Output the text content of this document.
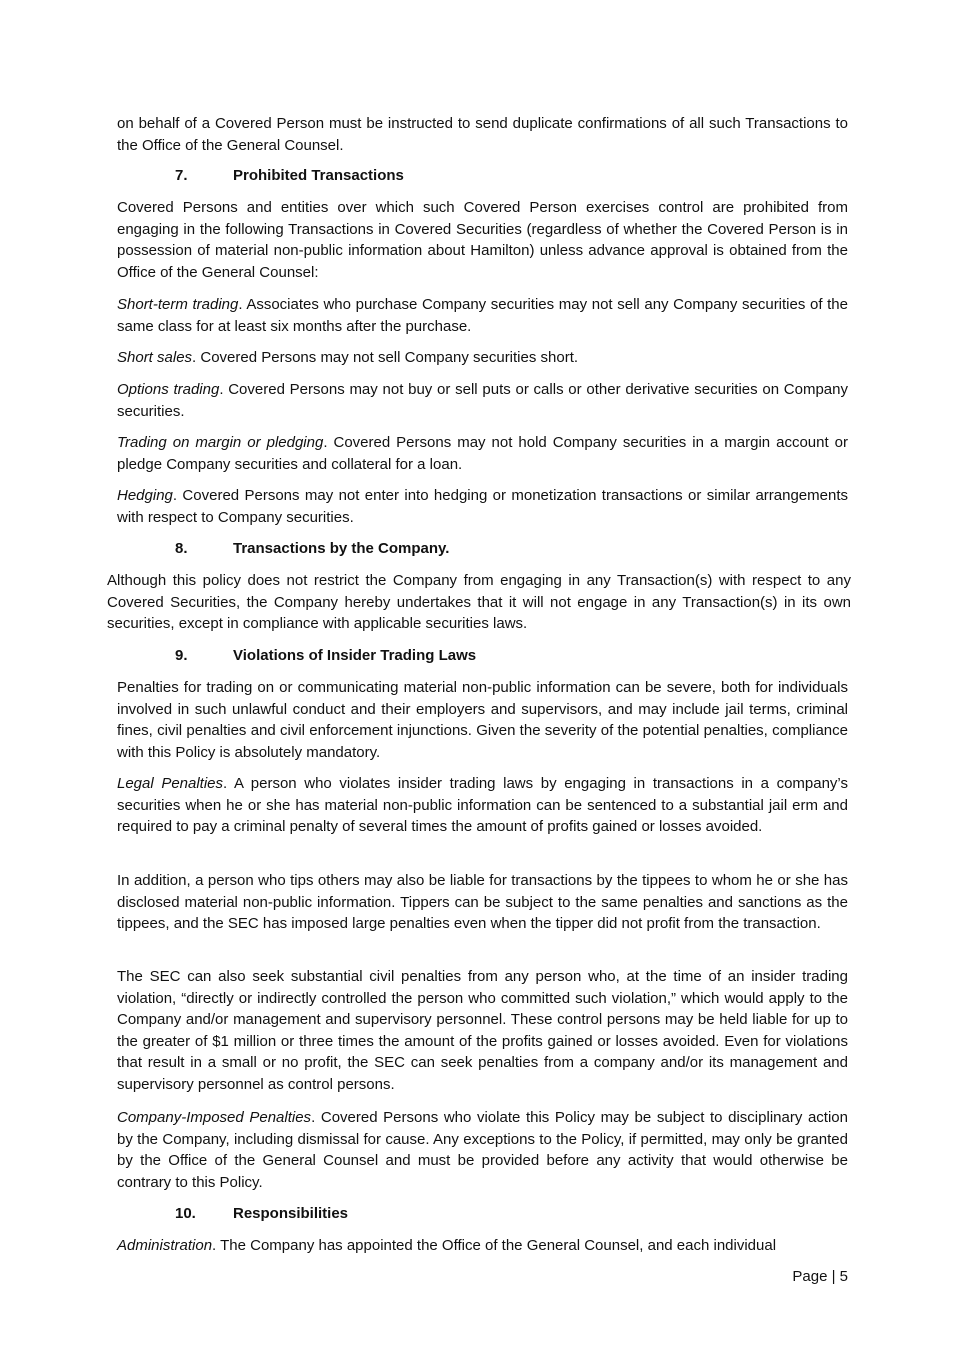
on behalf of a Covered Person must be instructed to send duplicate confirmations of all such Transactions to the Office of the General Counsel.

7.	Prohibited Transactions

Covered Persons and entities over which such Covered Person exercises control are prohibited from engaging in the following Transactions in Covered Securities (regardless of whether the Covered Person is in possession of material non-public information about Hamilton) unless advance approval is obtained from the Office of the General Counsel:

Short-term trading. Associates who purchase Company securities may not sell any Company securities of the same class for at least six months after the purchase.

Short sales. Covered Persons may not sell Company securities short.

Options trading. Covered Persons may not buy or sell puts or calls or other derivative securities on Company securities.

Trading on margin or pledging. Covered Persons may not hold Company securities in a margin account or pledge Company securities and collateral for a loan.

Hedging. Covered Persons may not enter into hedging or monetization transactions or similar arrangements with respect to Company securities.

8.	Transactions by the Company.

Although this policy does not restrict the Company from engaging in any Transaction(s) with respect to any Covered Securities, the Company hereby undertakes that it will not engage in any Transaction(s) in its own securities, except in compliance with applicable securities laws.

9.	Violations of Insider Trading Laws

Penalties for trading on or communicating material non-public information can be severe, both for individuals involved in such unlawful conduct and their employers and supervisors, and may include jail terms, criminal fines, civil penalties and civil enforcement injunctions. Given the severity of the potential penalties, compliance with this Policy is absolutely mandatory.

Legal Penalties. A person who violates insider trading laws by engaging in transactions in a company’s securities when he or she has material non-public information can be sentenced to a substantial jail erm and required to pay a criminal penalty of several times the amount of profits gained or losses avoided.

In addition, a person who tips others may also be liable for transactions by the tippees to whom he or she has disclosed material non-public information. Tippers can be subject to the same penalties and sanctions as the tippees, and the SEC has imposed large penalties even when the tipper did not profit from the transaction.

The SEC can also seek substantial civil penalties from any person who, at the time of an insider trading violation, “directly or indirectly controlled the person who committed such violation,” which would apply to the Company and/or management and supervisory personnel. These control persons may be held liable for up to the greater of $1 million or three times the amount of the profits gained or losses avoided. Even for violations that result in a small or no profit, the SEC can seek penalties from a company and/or its management and supervisory personnel as control persons.

Company-Imposed Penalties. Covered Persons who violate this Policy may be subject to disciplinary action by the Company, including dismissal for cause. Any exceptions to the Policy, if permitted, may only be granted by the Office of the General Counsel and must be provided before any activity that would otherwise be contrary to this Policy.

10. Responsibilities

Administration. The Company has appointed the Office of the General Counsel, and each individual

Page | 5
